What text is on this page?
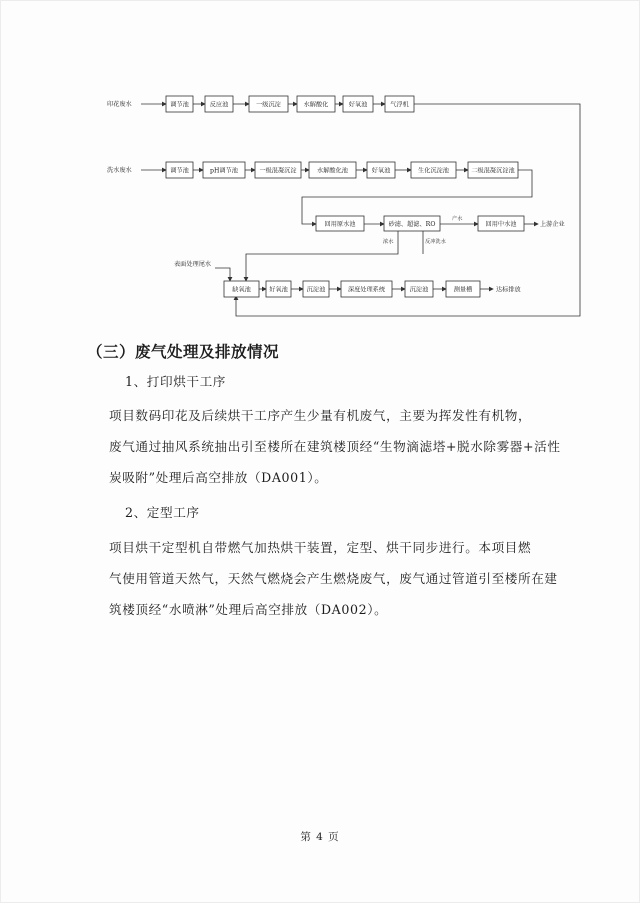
印花废水
洗水废水
表面处理尾水
调节池	反应池	一级沉淀	水解酸化	好氧池	气浮机
调节池	pH调节池	一级混凝沉淀	水解酸化池	好氧池	生化沉淀池	二级混凝沉淀池
回用原水池	砂滤、超滤、RO	回用中水池
缺氧池	好氧池	沉淀池	深度处理系统	沉淀池	测量槽
产水
上游企业
浓水	反冲洗水
达标排放
（三）废气处理及排放情况
1、打印烘干工序
项目数码印花及后续烘干工序产生少量有机废气，主要为挥发性有机物，
废气通过抽风系统抽出引至楼所在建筑楼顶经“生物滴滤塔+脱水除雾器+活性
炭吸附”处理后高空排放（DA001）。
2、定型工序
项目烘干定型机自带燃气加热烘干装置，定型、烘干同步进行。本项目燃
气使用管道天然气，天然气燃烧会产生燃烧废气，废气通过管道引至楼所在建
筑楼顶经“水喷淋”处理后高空排放（DA002）。
第 4 页
